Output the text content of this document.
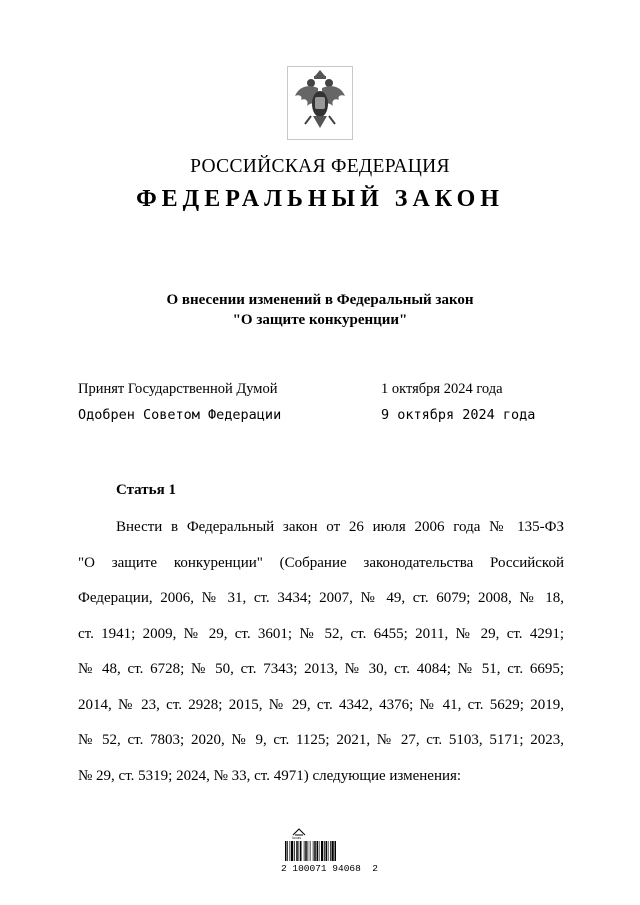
РОССИЙСКАЯ ФЕДЕРАЦИЯ
ФЕДЕРАЛЬНЫЙ ЗАКОН
О внесении изменений в Федеральный закон
"О защите конкуренции"
Принят Государственной Думой	1 октября 2024 года
Одобрен Советом Федерации	9 октября 2024 года
Статья 1
Внести в Федеральный закон от 26 июля 2006 года № 135-ФЗ
"О защите конкуренции" (Собрание законодательства Российской
Федерации, 2006, № 31, ст. 3434; 2007, № 49, ст. 6079; 2008, № 18,
ст. 1941; 2009, № 29, ст. 3601; № 52, ст. 6455; 2011, № 29, ст. 4291;
№ 48, ст. 6728; № 50, ст. 7343; 2013, № 30, ст. 4084; № 51, ст. 6695;
2014, № 23, ст. 2928; 2015, № 29, ст. 4342, 4376; № 41, ст. 5629; 2019,
№ 52, ст. 7803; 2020, № 9, ст. 1125; 2021, № 27, ст. 5103, 5171; 2023,
№ 29, ст. 5319; 2024, № 33, ст. 4971) следующие изменения:
lucas
2 100071 94068  2
